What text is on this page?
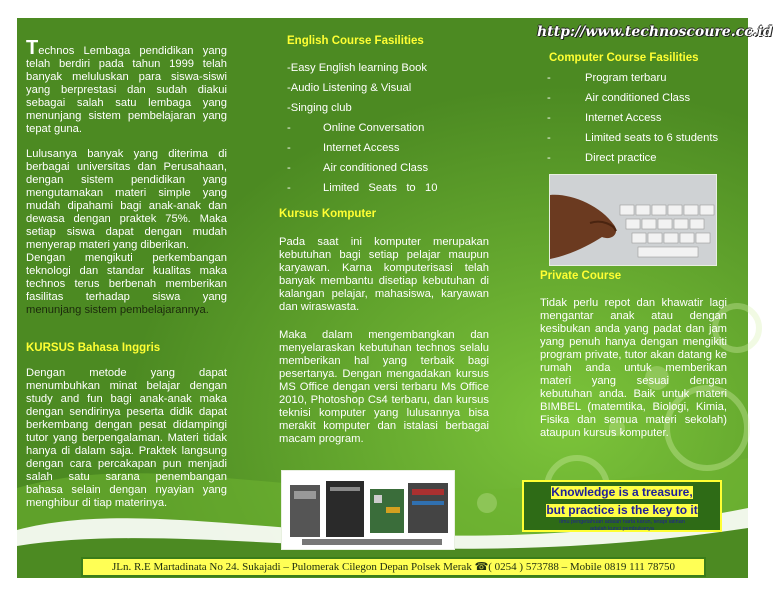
http://www.technoscoure.cc.id

Technos Lembaga pendidikan yang telah berdiri pada tahun 1999 telah banyak meluluskan para siswa-siswi yang berprestasi dan sudah diakui sebagai salah satu lembaga yang menunjang sistem pembelajaran yang tepat guna.

Lulusanya banyak yang diterima di berbagai universitas dan Perusahaan, dengan sistem pendidikan yang mengutamakan materi simple yang mudah dipahami bagi anak-anak dan dewasa dengan praktek 75%. Maka setiap siswa dapat dengan mudah menyerap materi yang diberikan.

Dengan mengikuti perkembangan teknologi dan standar kualitas maka technos terus berbenah memberikan fasilitas terhadap siswa yang menunjang sistem pembelajarannya.

KURSUS Bahasa Inggris
Dengan metode yang dapat menumbuhkan minat belajar dengan study and fun bagi anak-anak maka dengan sendirinya peserta didik dapat berkembang dengan pesat didampingi tutor yang berpengalaman. Materi tidak hanya di dalam saja. Praktek langsung dengan cara percakapan pun menjadi salah satu sarana penembangan bahasa selain dengan nyayian yang menghibur di tiap materinya.
English Course Fasilities
-Easy English learning Book
-Audio Listening & Visual
-Singing club
-	Online Conversation
-	Internet Access
-	Air conditioned Class
-	Limited   Seats   to   10
Kursus Komputer
Pada saat ini komputer merupakan kebutuhan bagi setiap pelajar maupun karyawan. Karna komputerisasi telah banyak membantu disetiap kebutuhan di kalangan pelajar, mahasiswa, karyawan dan wiraswasta.
Maka dalam mengembangkan dan menyelaraskan kebutuhan technos selalu memberikan hal yang terbaik bagi pesertanya. Dengan mengadakan kursus MS Office dengan versi terbaru Ms Office 2010, Photoshop Cs4 terbaru, dan kursus teknisi komputer yang lulusannya bisa merakit komputer dan istalasi berbagai macam program.
Computer Course Fasilities
-	Program terbaru
-	Air conditioned Class
-	Internet Access
-	Limited seats to 6 students
-	Direct practice
Private Course
Tidak perlu repot dan khawatir lagi mengantar anak atau dengan kesibukan anda yang padat dan jam yang penuh hanya dengan mengikiti program private, tutor akan datang ke rumah anda untuk memberikan materi yang sesuai dengan kebutuhan anda. Baik untuk materi BIMBEL (matemtika, Biologi, Kimia, Fisika dan semua materi sekolah) ataupun kursus komputer.
Knowledge is a treasure,
but practice is the key to it
Ilmu pengetahuan adalah harta karun, tetapi latihan
adalah kunci pembukanya
JLn. R.E Martadinata No 24. Sukajadi – Pulomerak Cilegon Depan Polsek Merak ☎( 0254 ) 573788 – Mobile 0819 111 78750
